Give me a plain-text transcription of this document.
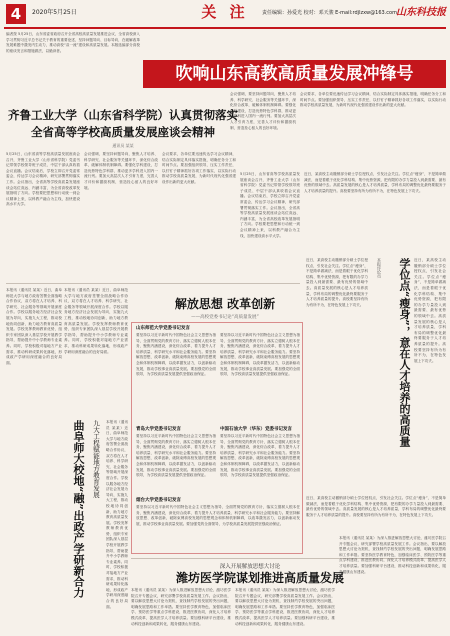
4	2020年5月25日	关 注	责任编辑：孙爱光 校对：邓天骏 E-mail:rdjlzxw@163.com 山东科技报
编者按 5月25日，山东省委省政府召开全省高校高质量发展推进会议，全省高校深入学习贯彻习近平总书记关于教育的重要论述，坚持问题导向、目标导向，在破解改革发展难题中激发内生动力，推动高校“双一流”建设和高质量发展。本版选编部分高校的座谈发言和措施做法，以飨读者。
吹响山东高教高质量发展冲锋号
会议要求，各单位要迅速传达学习会议精神，结合实际制定具体落实措施，明确任务分工和时间节点。要加强组织领导，压实工作责任，以钉钉子精神抓好各项工作落实，以实际行动推动学校高质量发展，为新时代现代化强省建设作出新的更大贡献。
会议强调，要坚持问题导向，聚焦人才培养、科学研究、社会服务等关键环节，深化综合改革，破解体制机制障碍。要强化学科建设，打造优势特色学科群，推动更多学科进入国内一流行列。要加大高层次人才引育力度，完善人才评价和激励机制，营造拴心留人的良好环境。
齐鲁工业大学（山东省科学院）认真贯彻落实
全省高等学校高质量发展座谈会精神
通讯员 某某
5月25日，山东省高等学校高质量发展座谈会召开，齐鲁工业大学（山东省科学院）党委书记带领学校领导班子成员、中层干部认真收看会议直播。会议结束后，学校立即召开党委常委会，传达学习会议精神，研究部署贯彻落实工作。会议指出，全省高等学校高质量发展座谈会站位高远、内涵丰富，为全省高校改革发展指明了方向。学校要把思想和行动统一到会议精神上来，以科教产融合为主线，加快建设高水平大学。
会议强调，要坚持问题导向，聚焦人才培养、科学研究、社会服务等关键环节，深化综合改革，破解体制机制障碍。要强化学科建设，打造优势特色学科群，推动更多学科进入国内一流行列。要加大高层次人才引育力度，完善人才评价和激励机制，营造拴心留人的良好环境。
会议要求，各单位要迅速传达学习会议精神，结合实际制定具体落实措施，明确任务分工和时间节点。要加强组织领导，压实工作责任，以钉钉子精神抓好各项工作落实，以实际行动推动学校高质量发展，为新时代现代化强省建设作出新的更大贡献。
5月25日，山东省高等学校高质量发展座谈会召开，齐鲁工业大学（山东省科学院）党委书记带领学校领导班子成员、中层干部认真收看会议直播。会议结束后，学校立即召开党委常委会，传达学习会议精神，研究部署贯彻落实工作。会议指出，全省高等学校高质量发展座谈会站位高远、内涵丰富，为全省高校改革发展指明了方向。学校要把思想和行动统一到会议精神上来，以科教产融合为主线，加快建设高水平大学。
近日，某高校主动撤销部分硕士学位授权点，引发社会关注。学位点“瘦身”，不是简单做减法，而是着眼于优化学科结构、集中优势资源，把有限的办学力量投入到最需要、最有优势的领域中去。高质量发展的核心是人才培养质量，学科布局的调整优化最终要服务于人才培养质量的提升。高校要坚持有所为有所不为，在特色发展上下功夫。
本报讯（通讯员 某某）近日，曲阜师范大学与地方政府签署全面战略合作协议，双方将在人才培养、科学研究、社会服务等领域开展深度合作。学校以服务地方经济社会发展为导向，实施九大工程，推动校地协同创新，助力地方教育高质量发展。学校发挥教师教育优势，组织专家团队深入基层学校开展教学指导，帮助提升中小学教师专业素养。同时，学校积极对接地方产业需求，推动科研成果转化落地，形成政产学研用深度融合的良好局面。
曲阜师大校地“融”出政产学研新合力	九大工程赋能地方教育发展
本报讯（通讯员 某某）近日，曲阜师范大学与地方政府签署全面战略合作协议，双方将在人才培养、科学研究、社会服务等领域开展深度合作。学校以服务地方经济社会发展为导向，实施九大工程，推动校地协同创新，助力地方教育高质量发展。学校发挥教师教育优势，组织专家团队深入基层学校开展教学指导，帮助提升中小学教师专业素养。同时，学校积极对接地方产业需求，推动科研成果转化落地，形成政产学研用深度融合的良好局面。
本报讯（通讯员 某某）近日，曲阜师范大学与地方政府签署全面战略合作协议，双方将在人才培养、科学研究、社会服务等领域开展深度合作。学校以服务地方经济社会发展为导向，实施九大工程，推动校地协同创新，助力地方教育高质量发展。学校发挥教师教育优势，组织专家团队深入基层学校开展教学指导，帮助提升中小学教师专业素养。同时，学校积极对接地方产业需求，推动科研成果转化落地，形成政产学研用深度融合的良好局面。
解放思想 改革创新
——高校党委书记论“高质量发展”
山东师范大学党委书记发言
要坚持以习近平新时代中国特色社会主义思想为指导，全面贯彻党的教育方针，落实立德树人根本任务，聚焦内涵建设，深化综合改革，着力提升人才培养质量、科学研究水平和社会服务能力。要坚持解放思想、改革创新，破除束缚高校发展的思想观念和体制机制障碍，以改革激发活力，以创新驱动发展，推动学校事业高质量发展。要加强党的全面领导，为学校高质量发展提供坚强政治保证。
要坚持以习近平新时代中国特色社会主义思想为指导，全面贯彻党的教育方针，落实立德树人根本任务，聚焦内涵建设，深化综合改革，着力提升人才培养质量、科学研究水平和社会服务能力。要坚持解放思想、改革创新，破除束缚高校发展的思想观念和体制机制障碍，以改革激发活力，以创新驱动发展，推动学校事业高质量发展。要加强党的全面领导，为学校高质量发展提供坚强政治保证。
青岛大学党委书记发言
要坚持以习近平新时代中国特色社会主义思想为指导，全面贯彻党的教育方针，落实立德树人根本任务，聚焦内涵建设，深化综合改革，着力提升人才培养质量、科学研究水平和社会服务能力。要坚持解放思想、改革创新，破除束缚高校发展的思想观念和体制机制障碍，以改革激发活力，以创新驱动发展，推动学校事业高质量发展。要加强党的全面领导，为学校高质量发展提供坚强政治保证。
中国石油大学（华东）党委书记发言
要坚持以习近平新时代中国特色社会主义思想为指导，全面贯彻党的教育方针，落实立德树人根本任务，聚焦内涵建设，深化综合改革，着力提升人才培养质量、科学研究水平和社会服务能力。要坚持解放思想、改革创新，破除束缚高校发展的思想观念和体制机制障碍，以改革激发活力，以创新驱动发展，推动学校事业高质量发展。要加强党的全面领导，为学校高质量发展提供坚强政治保证。
烟台大学党委书记发言
要坚持以习近平新时代中国特色社会主义思想为指导，全面贯彻党的教育方针，落实立德树人根本任务，聚焦内涵建设，深化综合改革，着力提升人才培养质量、科学研究水平和社会服务能力。要坚持解放思想、改革创新，破除束缚高校发展的思想观念和体制机制障碍，以改革激发活力，以创新驱动发展，推动学校事业高质量发展。要加强党的全面领导，为学校高质量发展提供坚强政治保证。
学位点“瘦身”，意在人才培养的高质量
本报评论员
近日，某高校主动撤销部分硕士学位授权点，引发社会关注。学位点“瘦身”，不是简单做减法，而是着眼于优化学科结构、集中优势资源，把有限的办学力量投入到最需要、最有优势的领域中去。高质量发展的核心是人才培养质量，学科布局的调整优化最终要服务于人才培养质量的提升。高校要坚持有所为有所不为，在特色发展上下功夫。
近日，某高校主动撤销部分硕士学位授权点，引发社会关注。学位点“瘦身”，不是简单做减法，而是着眼于优化学科结构、集中优势资源，把有限的办学力量投入到最需要、最有优势的领域中去。高质量发展的核心是人才培养质量，学科布局的调整优化最终要服务于人才培养质量的提升。高校要坚持有所为有所不为，在特色发展上下功夫。
近日，某高校主动撤销部分硕士学位授权点，引发社会关注。学位点“瘦身”，不是简单做减法，而是着眼于优化学科结构、集中优势资源，把有限的办学力量投入到最需要、最有优势的领域中去。高质量发展的核心是人才培养质量，学科布局的调整优化最终要服务于人才培养质量的提升。高校要坚持有所为有所不为，在特色发展上下功夫。
深入开展解放思想大讨论
潍坊医学院谋划推进高质量发展
本报讯（通讯员 某某）为深入推进解放思想大讨论，潍坊医学院召开专题会议，研究部署学校高质量发展工作。会议指出，要以解放思想大讨论为契机，查找制约学校发展的突出问题，明确发展思路和工作举措。要坚持医学教育特色，加强临床医学、预防医学等重点学科建设，推进医教协同，深化人才培养模式改革，提高医学人才培养质量。要加强科研平台建设，推动科技创新和成果转化，服务健康山东建设。
本报讯（通讯员 某某）为深入推进解放思想大讨论，潍坊医学院召开专题会议，研究部署学校高质量发展工作。会议指出，要以解放思想大讨论为契机，查找制约学校发展的突出问题，明确发展思路和工作举措。要坚持医学教育特色，加强临床医学、预防医学等重点学科建设，推进医教协同，深化人才培养模式改革，提高医学人才培养质量。要加强科研平台建设，推动科技创新和成果转化，服务健康山东建设。
本报讯（通讯员 某某）为深入推进解放思想大讨论，潍坊医学院召开专题会议，研究部署学校高质量发展工作。会议指出，要以解放思想大讨论为契机，查找制约学校发展的突出问题，明确发展思路和工作举措。要坚持医学教育特色，加强临床医学、预防医学等重点学科建设，推进医教协同，深化人才培养模式改革，提高医学人才培养质量。要加强科研平台建设，推动科技创新和成果转化，服务健康山东建设。
